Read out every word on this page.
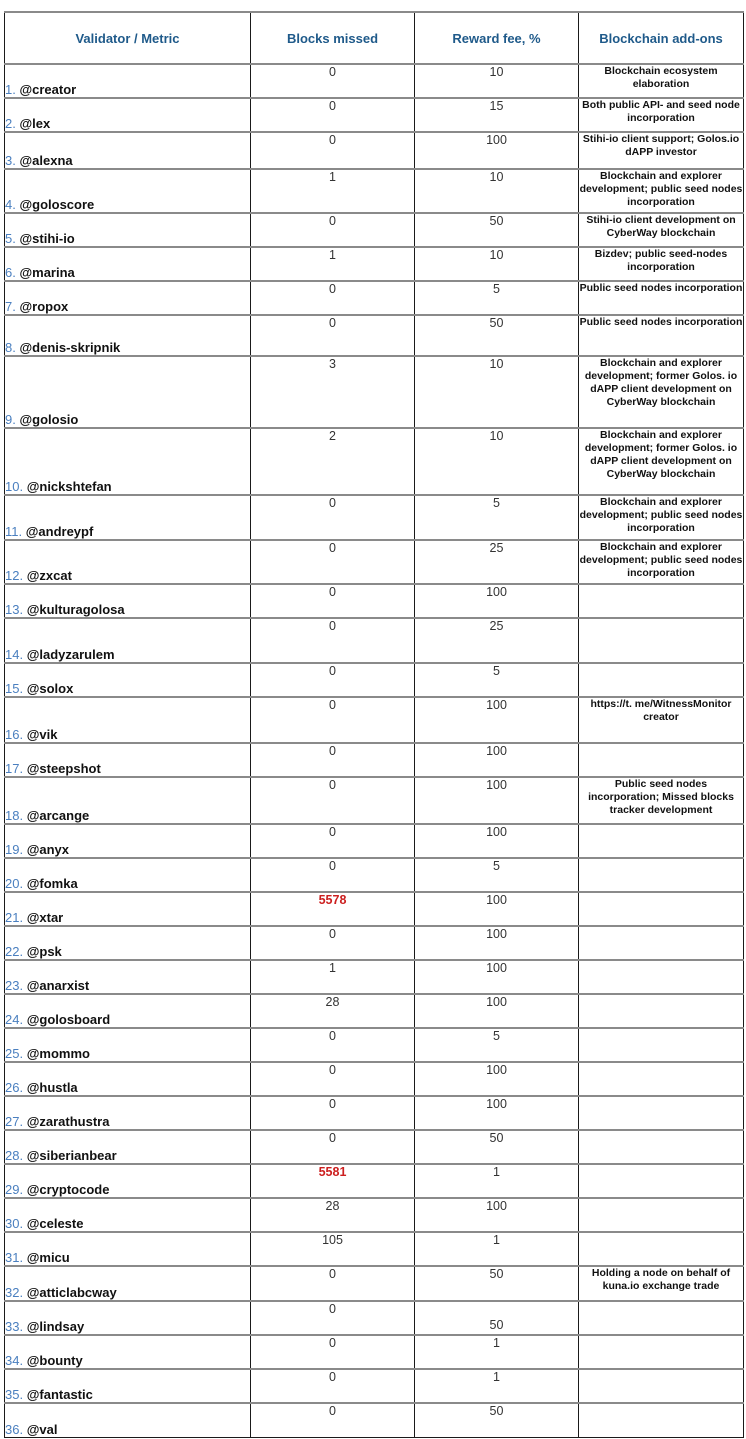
Validator / Metric	Blocks missed	Reward fee, %	Blockchain add-ons
1. @creator	0	10	Blockchain ecosystem elaboration
2. @lex	0	15	Both public API- and seed node incorporation
3. @alexna	0	100	Stihi-io client support; Golos.io dAPP investor
4. @goloscore	1	10	Blockchain and explorer development; public seed nodes incorporation
5. @stihi-io	0	50	Stihi-io client development on CyberWay blockchain
6. @marina	1	10	Bizdev; public seed-nodes incorporation
7. @ropox	0	5	Public seed nodes incorporation
8. @denis-skripnik	0	50	Public seed nodes incorporation
9. @golosio	3	10	Blockchain and explorer development; former Golos. io dAPP client development on CyberWay blockchain
10. @nickshtefan	2	10	Blockchain and explorer development; former Golos. io dAPP client development on CyberWay blockchain
11. @andreypf	0	5	Blockchain and explorer development; public seed nodes incorporation
12. @zxcat	0	25	Blockchain and explorer development; public seed nodes incorporation
13. @kulturagolosa	0	100	
14. @ladyzarulem	0	25	
15. @solox	0	5	
16. @vik	0	100	https://t. me/WitnessMonitor creator
17. @steepshot	0	100	
18. @arcange	0	100	Public seed nodes incorporation; Missed blocks tracker development
19. @anyx	0	100	
20. @fomka	0	5	
21. @xtar	5578	100	
22. @psk	0	100	
23. @anarxist	1	100	
24. @golosboard	28	100	
25. @mommo	0	5	
26. @hustla	0	100	
27. @zarathustra	0	100	
28. @siberianbear	0	50	
29. @cryptocode	5581	1	
30. @celeste	28	100	
31. @micu	105	1	
32. @atticlabcway	0	50	Holding a node on behalf of kuna.io exchange trade
33. @lindsay	0	50	
34. @bounty	0	1	
35. @fantastic	0	1	
36. @val	0	50	
